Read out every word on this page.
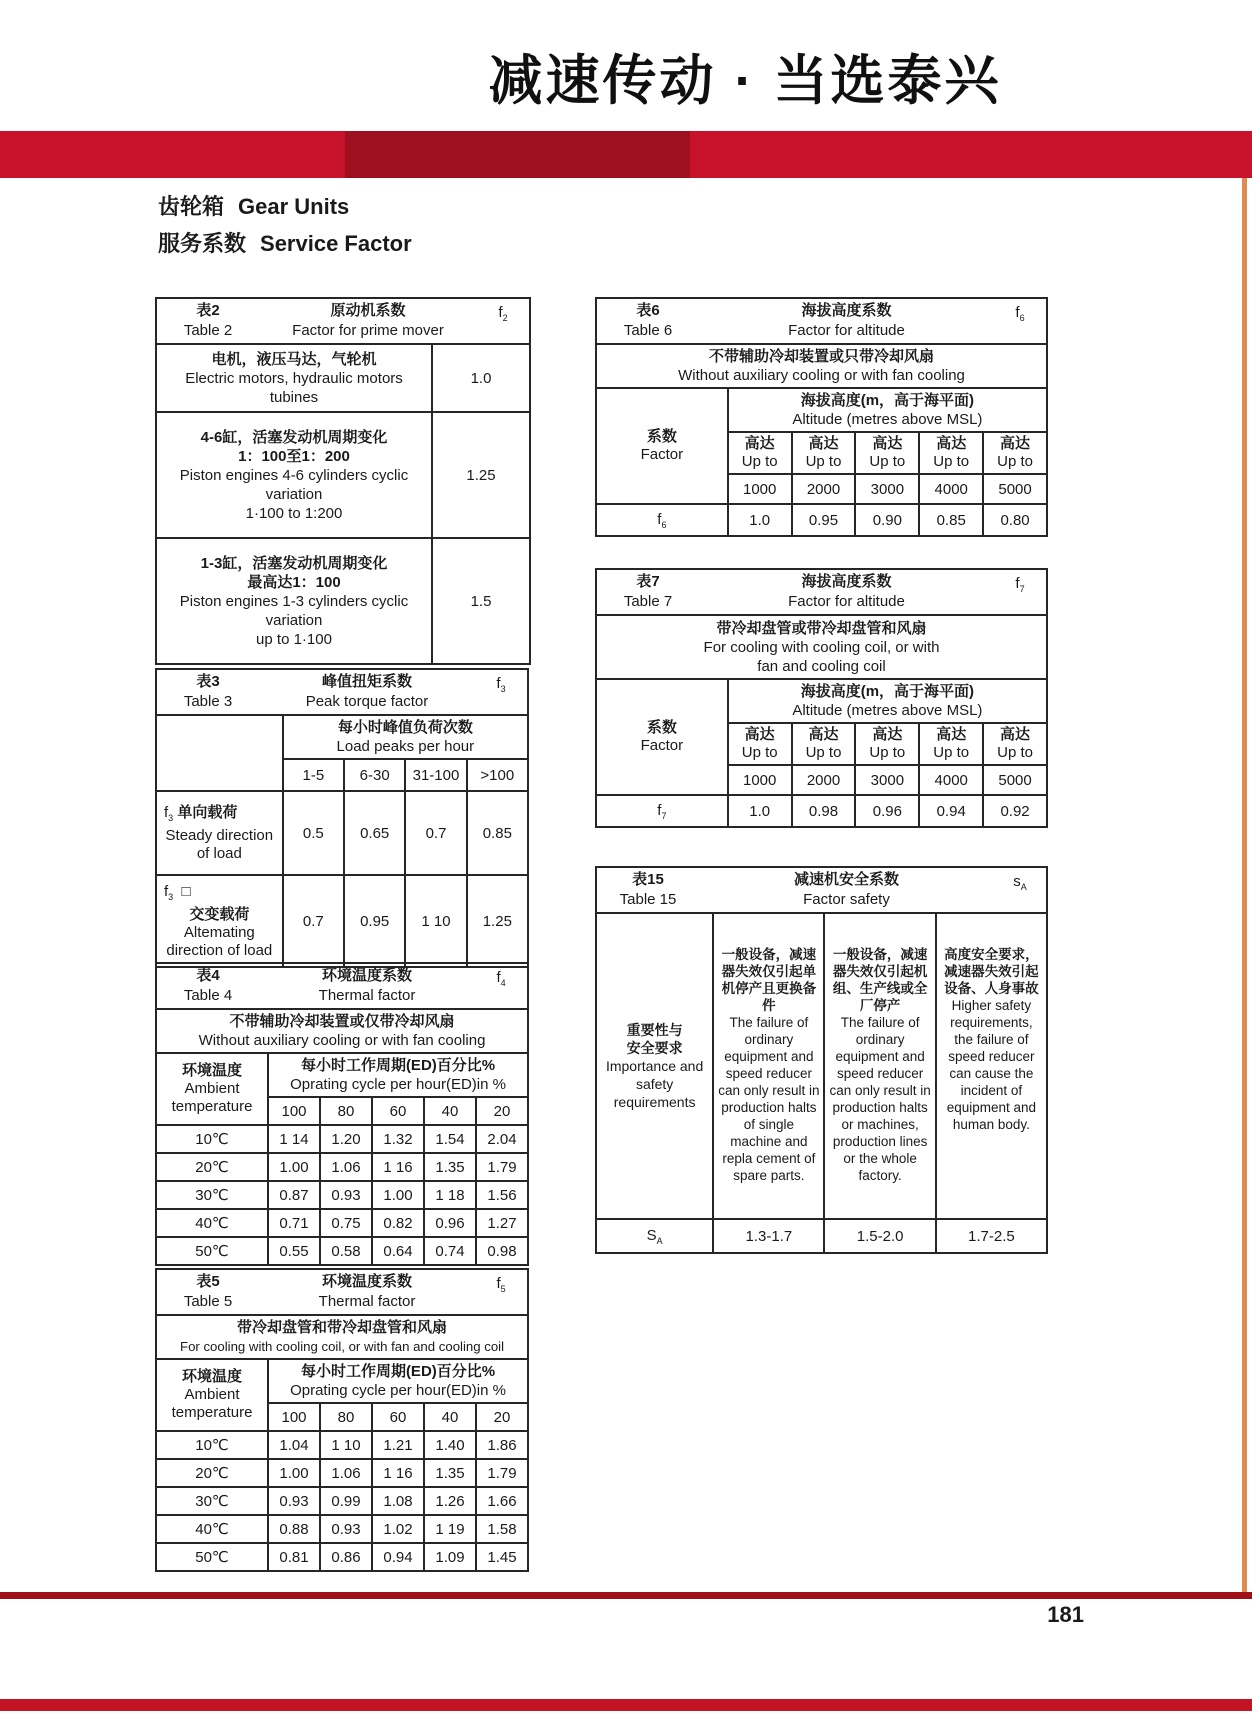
减速传动 · 当选泰兴
齿轮箱 Gear Units
服务系数 Service Factor
表2
Table 2
原动机系数
Factor for prime mover
$f_2$

电机，液压马达，气轮机
Electric motors, hydraulic motors tubines	1.0

4-6缸，活塞发动机周期变化
1：100至1：200
Piston engines 4-6 cylinders cyclic variation
1·100 to 1:200	1.25

1-3缸，活塞发动机周期变化
最高达1：100
Piston engines 1-3 cylinders cyclic variation
up to 1·100	1.5
表3
Table 3
峰值扭矩系数
Peak torque factor
$f_3$

	每小时峰值负荷次数
Load peaks per hour			

	1-5	6-30	31-100	>100

$f_3$ 单向载荷
Steady direction of load	0.5	0.65	0.7	0.85

$f_3$ □
交变载荷
Altemating direction of load	0.7	0.95	1 10	1.25
表4
Table 4
环境温度系数
Thermal factor
$f_4$

不带辅助冷却装置或仅带冷却风扇
Without auxiliary cooling or with fan cooling					

环境温度
Ambient
temperature

每小时工作周期(ED)百分比%
Oprating cycle per hour(ED)in %

	100	80	60	40	20
10℃	1 14	1.20	1.32	1.54	2.04
20℃	1.00	1.06	1 16	1.35	1.79
30℃	0.87	0.93	1.00	1 18	1.56
40℃	0.71	0.75	0.82	0.96	1.27
50℃	0.55	0.58	0.64	0.74	0.98
表5
Table 5
环境温度系数
Thermal factor
$f_5$

带冷却盘管和带冷却盘管和风扇
For cooling with cooling coil, or with fan and cooling coil					

环境温度
Ambient
temperature

每小时工作周期(ED)百分比%
Oprating cycle per hour(ED)in %

	100	80	60	40	20
10℃	1.04	1 10	1.21	1.40	1.86
20℃	1.00	1.06	1 16	1.35	1.79
30℃	0.93	0.99	1.08	1.26	1.66
40℃	0.88	0.93	1.02	1 19	1.58
50℃	0.81	0.86	0.94	1.09	1.45
表6
Table 6
海拔高度系数
Factor for altitude
$f_6$

不带辅助冷却装置或只带冷却风扇
Without auxiliary cooling or with fan cooling					

系数
Factor

海拔高度(m，高于海平面)
Altitude (metres above MSL)

高达
Up to

高达
Up to

高达
Up to

高达
Up to

高达
Up to

	1000	2000	3000	4000	5000
$f_6$	1.0	0.95	0.90	0.85	0.80
表7
Table 7
海拔高度系数
Factor for altitude
$f_7$

带冷却盘管或带冷却盘管和风扇
For cooling with cooling coil, or with
fan and cooling coil					

系数
Factor

海拔高度(m，高于海平面)
Altitude (metres above MSL)

高达
Up to

高达
Up to

高达
Up to

高达
Up to

高达
Up to

	1000	2000	3000	4000	5000
$f_7$	1.0	0.98	0.96	0.94	0.92
表15
Table 15
减速机安全系数
Factor safety
$s_A$

重要性与
安全要求
Importance and safety requirements

一般设备，减速器失效仅引起单机停产且更换备件
The failure of ordinary equipment and speed reducer can only result in production halts of single machine and repla cement of spare parts.

一般设备，减速器失效仅引起机组、生产线或全厂停产
The failure of ordinary equipment and speed reducer can only result in production halts or machines, production lines or the whole factory.

高度安全要求，减速器失效引起设备、人身事故
Higher safety requirements, the failure of speed reducer can cause the incident of equipment and human body.

$S_A$	1.3-1.7	1.5-2.0	1.7-2.5
181
